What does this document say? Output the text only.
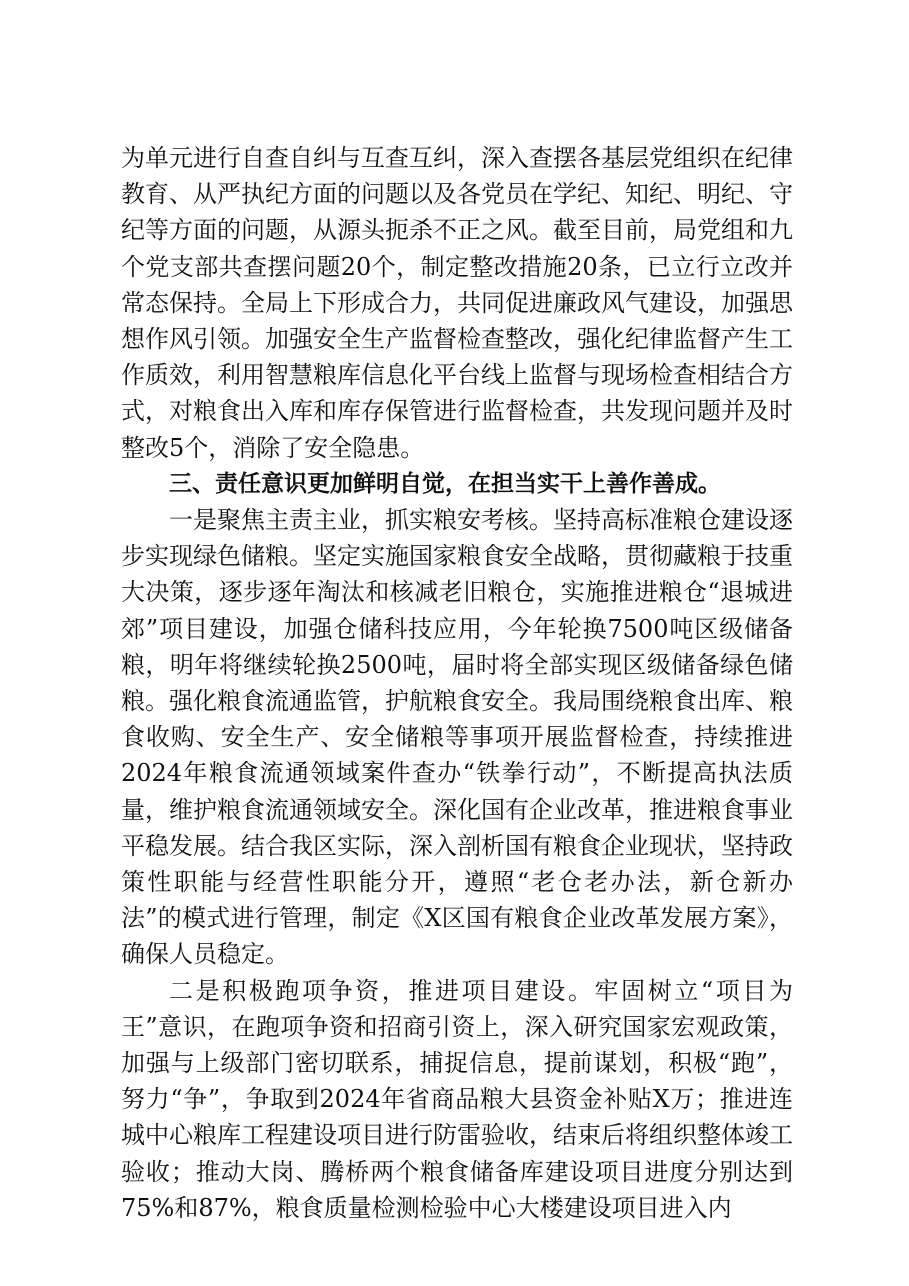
为单元进行自查自纠与互查互纠，深入查摆各基层党组织在纪律教育、从严执纪方面的问题以及各党员在学纪、知纪、明纪、守纪等方面的问题，从源头扼杀不正之风。截至目前，局党组和九个党支部共查摆问题20个，制定整改措施20条，已立行立改并常态保持。全局上下形成合力，共同促进廉政风气建设，加强思想作风引领。加强安全生产监督检查整改，强化纪律监督产生工作质效，利用智慧粮库信息化平台线上监督与现场检查相结合方式，对粮食出入库和库存保管进行监督检查，共发现问题并及时整改5个，消除了安全隐患。

三、责任意识更加鲜明自觉，在担当实干上善作善成。

一是聚焦主责主业，抓实粮安考核。坚持高标准粮仓建设逐步实现绿色储粮。坚定实施国家粮食安全战略，贯彻藏粮于技重大决策，逐步逐年淘汰和核减老旧粮仓，实施推进粮仓“退城进郊”项目建设，加强仓储科技应用，今年轮换7500吨区级储备粮，明年将继续轮换2500吨，届时将全部实现区级储备绿色储粮。强化粮食流通监管，护航粮食安全。我局围绕粮食出库、粮食收购、安全生产、安全储粮等事项开展监督检查，持续推进2024年粮食流通领域案件查办“铁拳行动”，不断提高执法质量，维护粮食流通领域安全。深化国有企业改革，推进粮食事业平稳发展。结合我区实际，深入剖析国有粮食企业现状，坚持政策性职能与经营性职能分开，遵照“老仓老办法，新仓新办法”的模式进行管理，制定《X区国有粮食企业改革发展方案》，确保人员稳定。

二是积极跑项争资，推进项目建设。牢固树立“项目为王”意识，在跑项争资和招商引资上，深入研究国家宏观政策，加强与上级部门密切联系，捕捉信息，提前谋划，积极“跑”，努力“争”，争取到2024年省商品粮大县资金补贴X万；推进连城中心粮库工程建设项目进行防雷验收，结束后将组织整体竣工验收；推动大岗、腾桥两个粮食储备库建设项目进度分别达到75%和87%，粮食质量检测检验中心大楼建设项目进入内
